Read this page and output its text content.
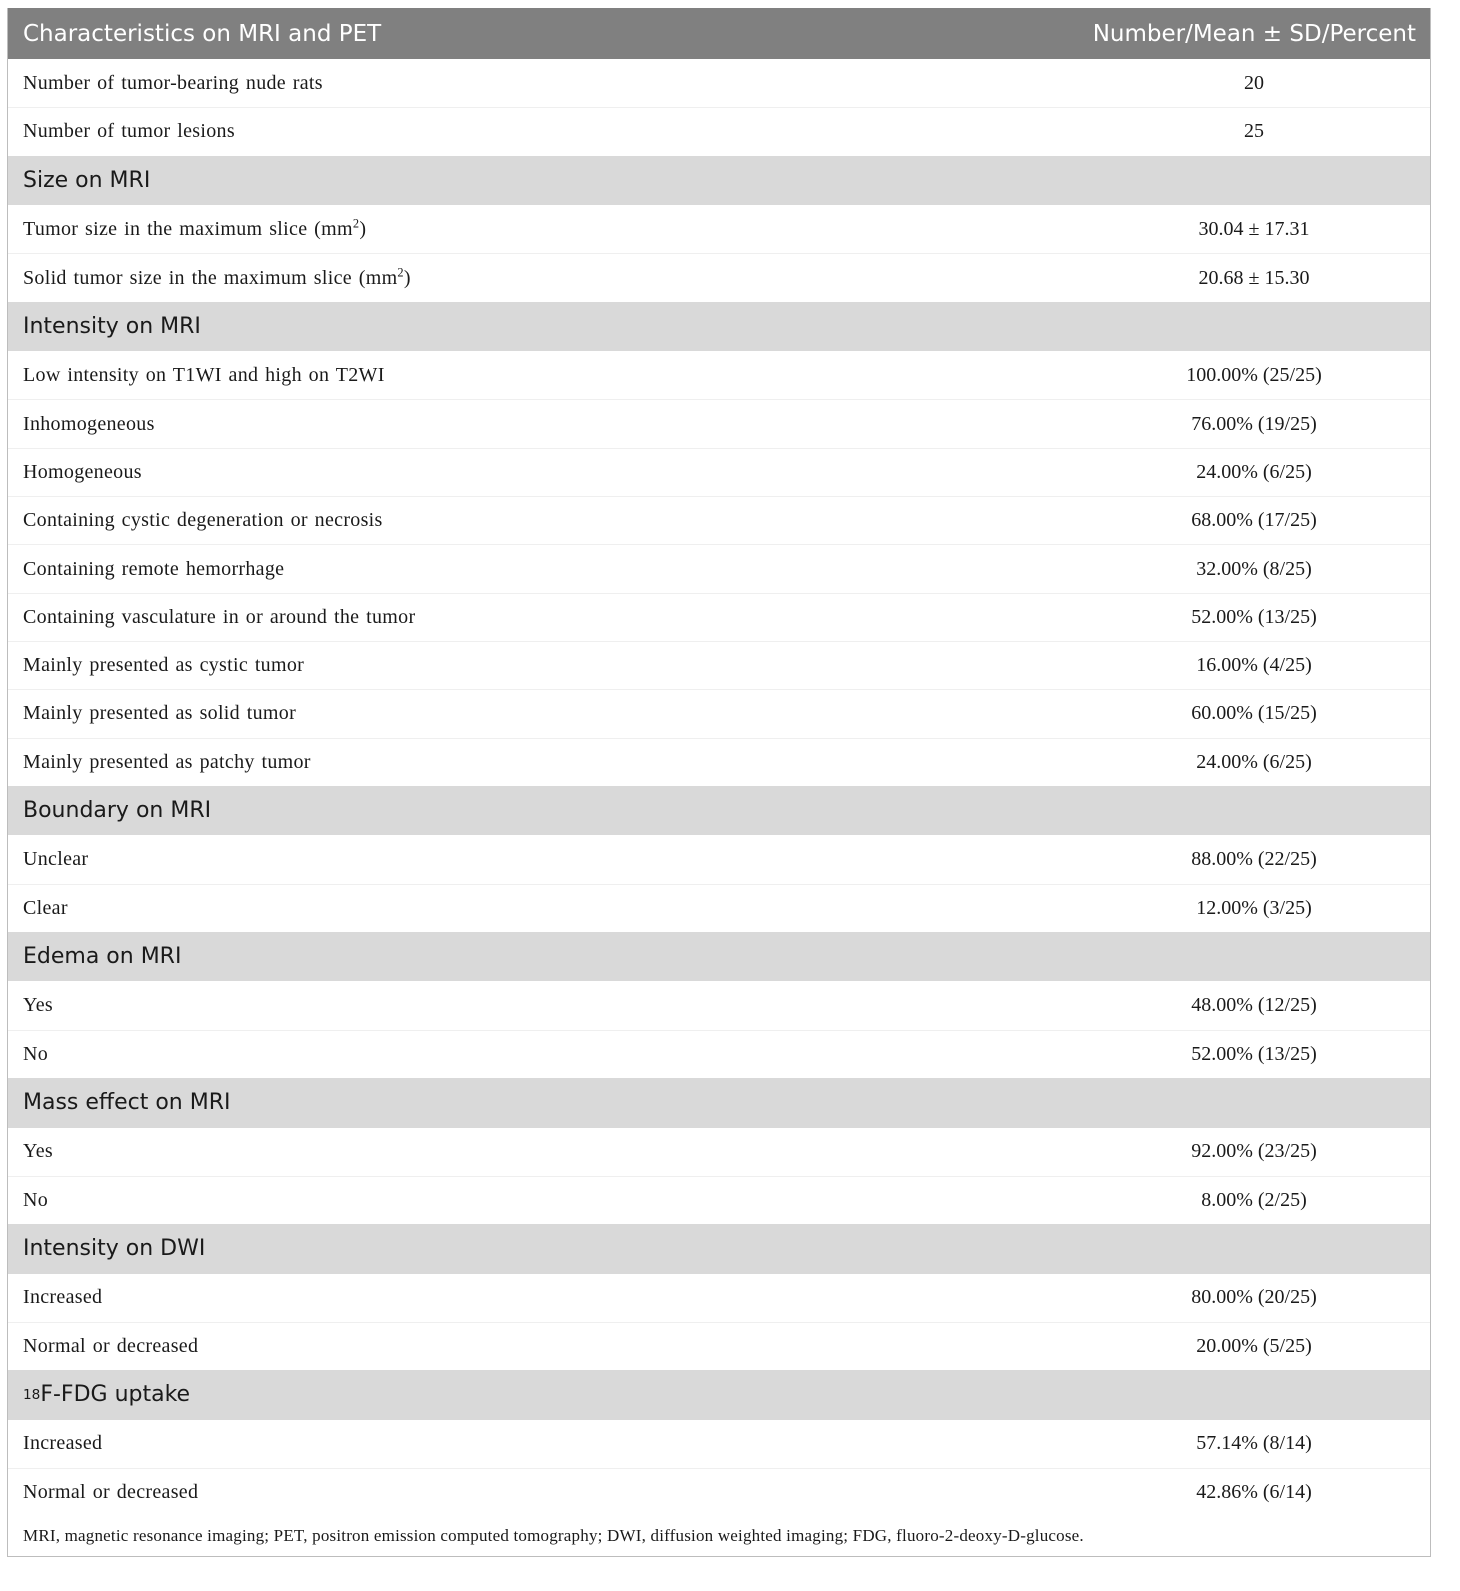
Characteristics on MRI and PET	Number/Mean ± SD/Percent
Number of tumor-bearing nude rats	20
Number of tumor lesions	25
Size on MRI
Tumor size in the maximum slice $(mm^2)$	30.04 ± 17.31
Solid tumor size in the maximum slice $(mm^2)$	20.68 ± 15.30
Intensity on MRI
Low intensity on T1WI and high on T2WI	100.00% (25/25)
Inhomogeneous	76.00% (19/25)
Homogeneous	24.00% (6/25)
Containing cystic degeneration or necrosis	68.00% (17/25)
Containing remote hemorrhage	32.00% (8/25)
Containing vasculature in or around the tumor	52.00% (13/25)
Mainly presented as cystic tumor	16.00% (4/25)
Mainly presented as solid tumor	60.00% (15/25)
Mainly presented as patchy tumor	24.00% (6/25)
Boundary on MRI
Unclear	88.00% (22/25)
Clear	12.00% (3/25)
Edema on MRI
Yes	48.00% (12/25)
No	52.00% (13/25)
Mass effect on MRI
Yes	92.00% (23/25)
No	8.00% (2/25)
Intensity on DWI
Increased	80.00% (20/25)
Normal or decreased	20.00% (5/25)
18 F-FDG uptake
Increased	57.14% (8/14)
Normal or decreased	42.86% (6/14)
MRI, magnetic resonance imaging; PET, positron emission computed tomography; DWI, diffusion weighted imaging; FDG, fluoro-2-deoxy-D-glucose.
